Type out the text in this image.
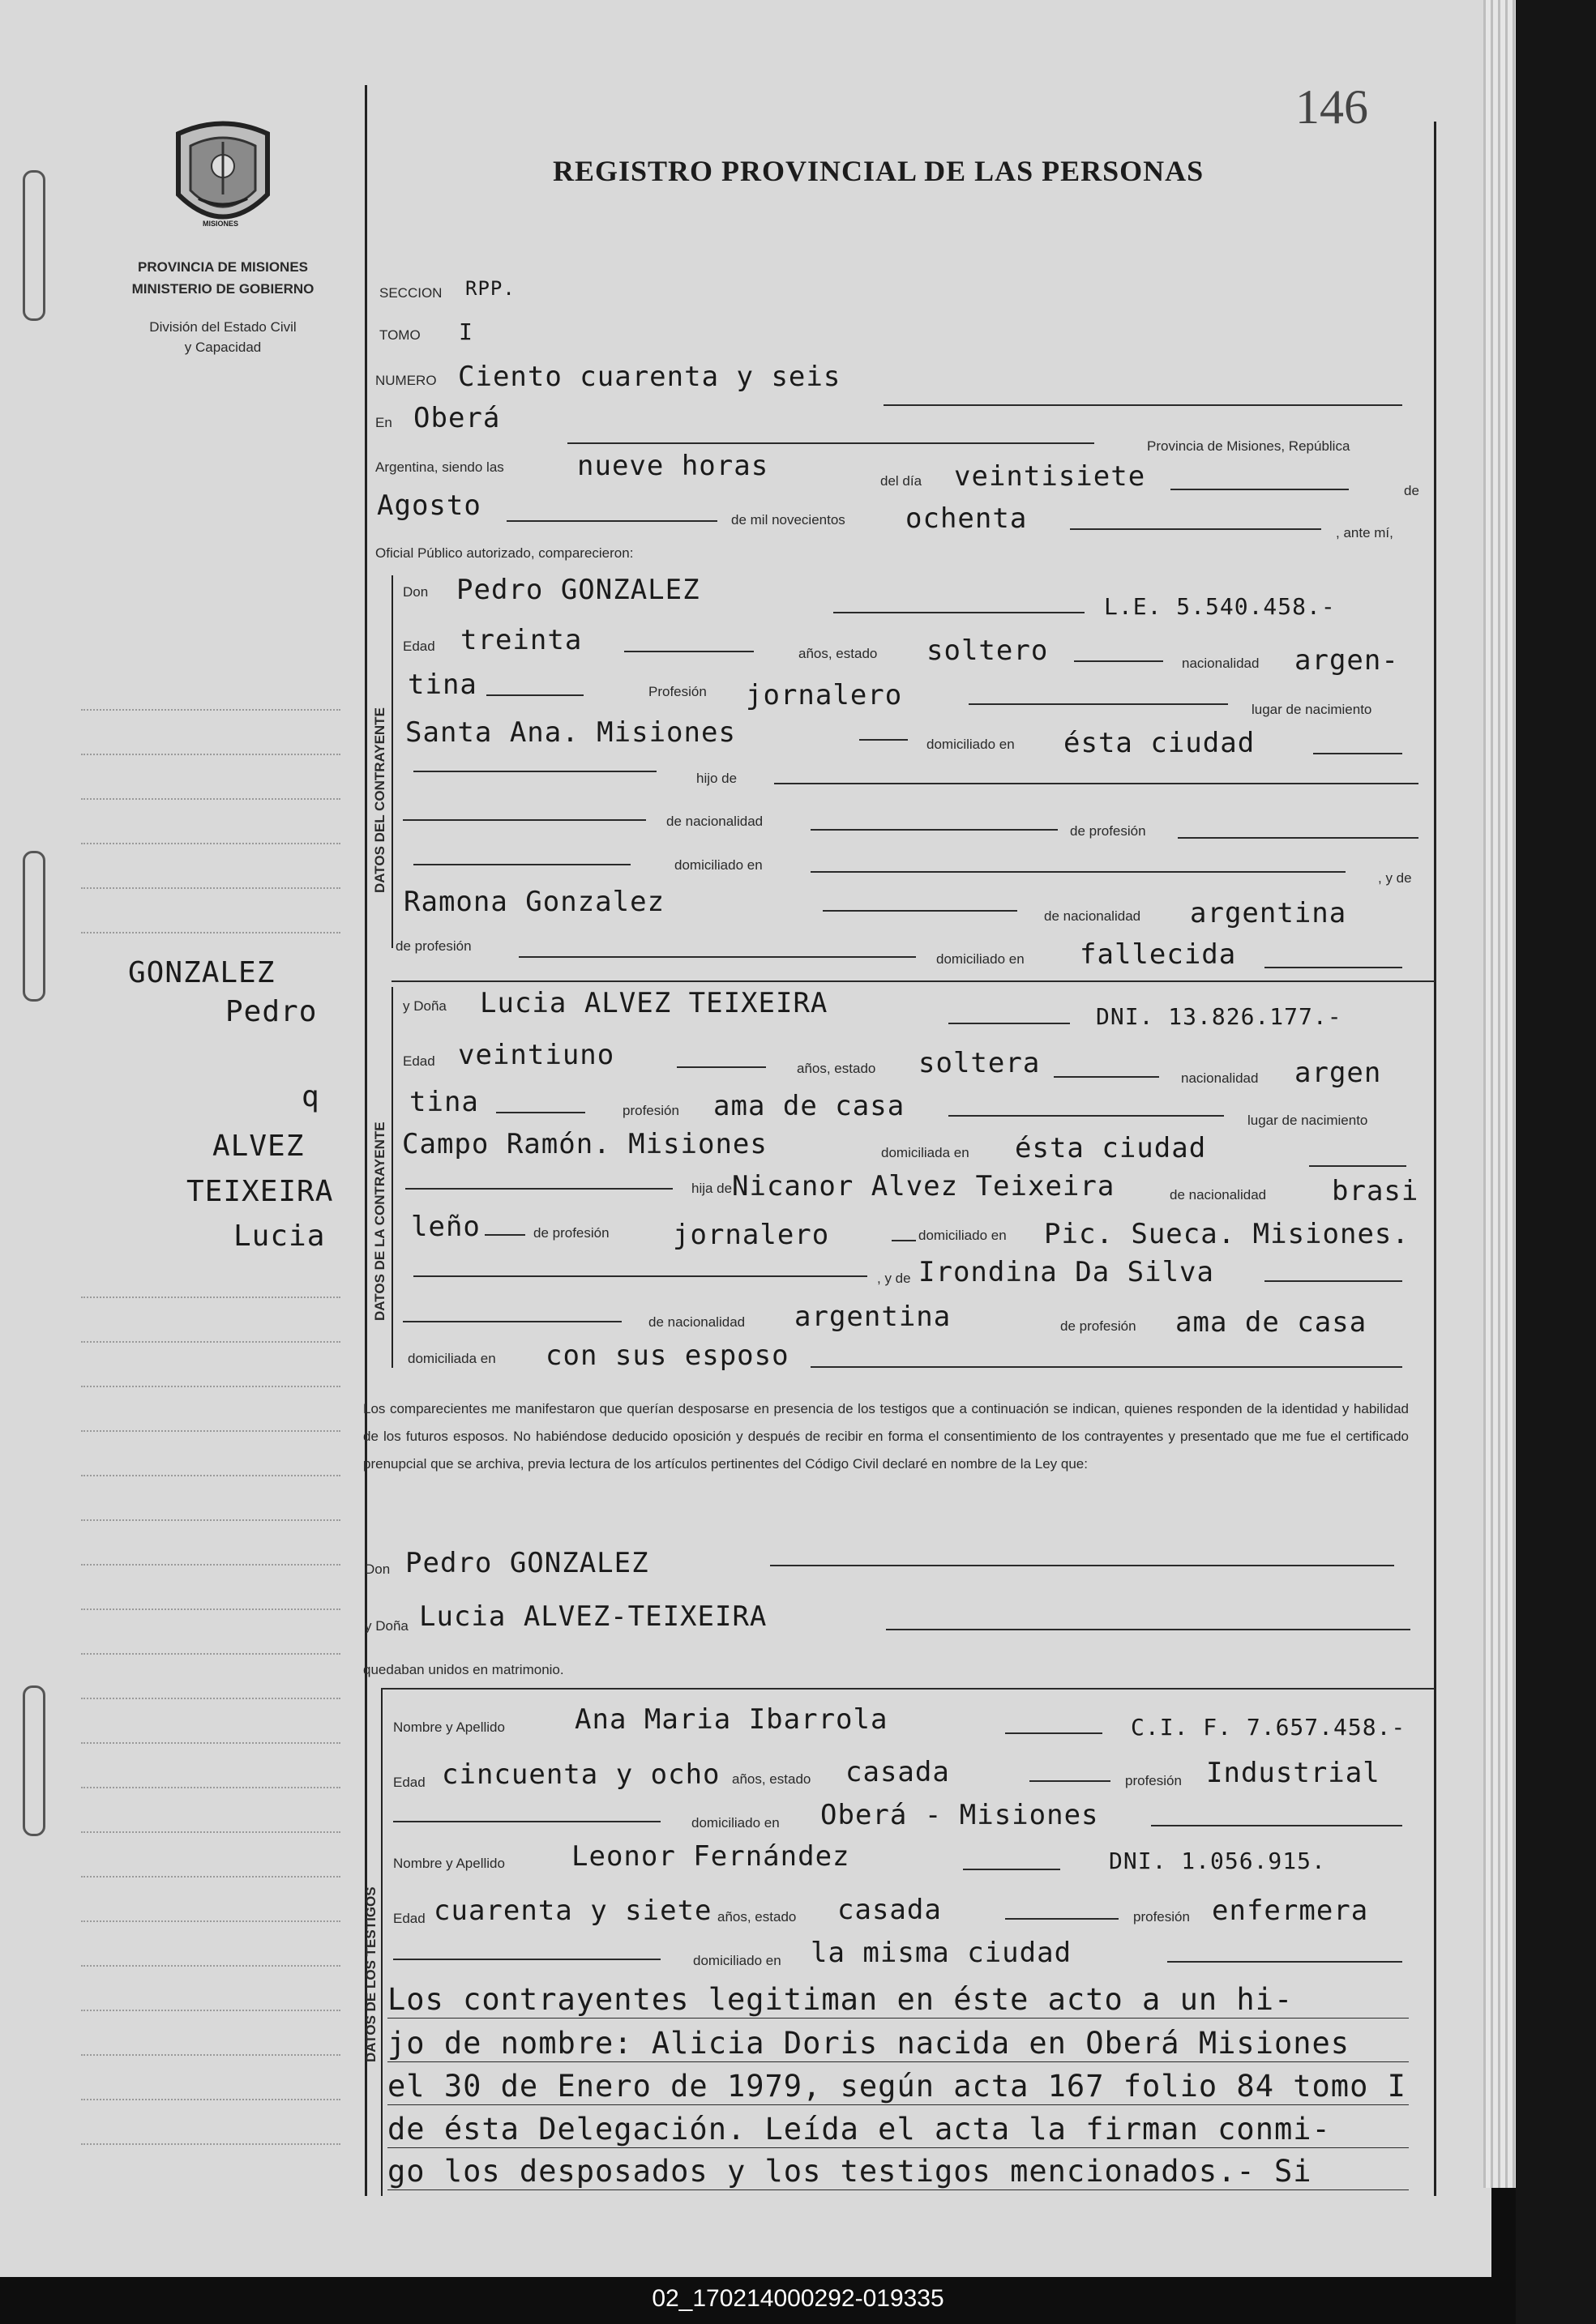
MISIONES
PROVINCIA DE MISIONES
MINISTERIO DE GOBIERNO
División del Estado Civil
y Capacidad
146
REGISTRO PROVINCIAL DE LAS PERSONAS
DATOS DEL CONTRAYENTE
DATOS DE LA CONTRAYENTE
DATOS DE LOS TESTIGOS
GONZALEZ
Pedro
q
ALVEZ
TEIXEIRA
Lucia
SECCION RPP.
TOMO I
NUMERO Ciento cuarenta y seis
En Oberá
Provincia de Misiones, República
Argentina, siendo las	nueve horas	del día veintisiete	de
Agosto	de mil novecientos ochenta	, ante mí,
Oficial Público autorizado, comparecieron:
Don Pedro GONZALEZ
L.E. 5.540.458.-
Edad treinta	años, estado soltero	nacionalidad argen-
tina	Profesión jornalero	lugar de nacimiento
Santa Ana. Misiones	domiciliado en ésta ciudad
hijo de
de nacionalidad
de profesión
domiciliado en
, y de
Ramona Gonzalez	de nacionalidad argentina
de profesión
domiciliado en fallecida
y Doña Lucia ALVEZ TEIXEIRA	DNI. 13.826.177.-
Edad veintiuno	años, estado soltera	nacionalidad argen
tina	profesión ama de casa	lugar de nacimiento
Campo Ramón. Misiones	domiciliada en ésta ciudad
hija de Nicanor Alvez Teixeira	de nacionalidad brasi
leño	de profesión jornalero	domiciliado en Pic. Sueca. Misiones.
, y de Irondina Da Silva
de nacionalidad argentina	de profesión ama de casa
domiciliada en con sus esposo
Los comparecientes me manifestaron que querían desposarse en presencia de los testigos que a continuación se indican, quienes responden de la identidad y habilidad de los futuros esposos. No habiéndose deducido oposición y después de recibir en forma el consentimiento de los contrayentes y presentado que me fue el certificado prenupcial que se archiva, previa lectura de los artículos pertinentes del Código Civil declaré en nombre de la Ley que:
Don Pedro GONZALEZ
y Doña Lucia ALVEZ-TEIXEIRA
quedaban unidos en matrimonio.
Nombre y Apellido	Ana Maria Ibarrola	C.I. F. 7.657.458.-
Edad cincuenta y ocho años, estado casada	profesión Industrial
domiciliado en Oberá - Misiones
Nombre y Apellido Leonor Fernández	DNI. 1.056.915.
Edad cuarenta y siete años, estado casada	profesión enfermera
domiciliado en la misma ciudad
Los contrayentes legitiman en éste acto a un hi-
jo de nombre: Alicia Doris nacida en Oberá Misiones
el 30 de Enero de 1979, según acta 167 folio 84 tomo I
de ésta Delegación. Leída el acta la firman conmi-
go los desposados y los testigos mencionados.- Si
02_170214000292-019335
